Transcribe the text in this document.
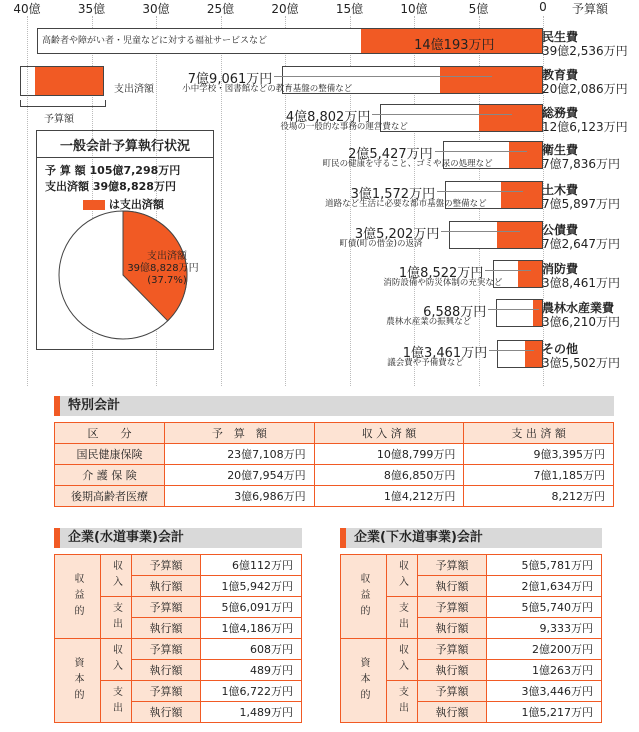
40億	35億	30億	25億	20億	15億	10億	5億	0 予算額
民生費
39億2,536万円
14億193万円
高齢者や障がい者・児童などに対する福祉サービスなど
教育費
20億2,086万円
7億9,061万円
小中学校・図書館などの教育基盤の整備など
総務費
12億6,123万円
4億8,802万円
役場の一般的な事務の運営費など
衛生費
7億7,836万円
2億5,427万円
町民の健康を守ること、ゴミや尿の処理など
土木費
7億5,897万円
3億1,572万円
道路など生活に必要な都市基盤の整備など
公債費
7億2,647万円
3億5,202万円
町債(町の借金)の返済
消防費
3億8,461万円
1億8,522万円
消防設備や防災体制の充実など
農林水産業費
3億6,210万円
6,588万円
農林水産業の振興など
その他
3億5,502万円
1億3,461万円
議会費や予備費など
支出済額
予算額
一般会計予算執行状況
予 算 額 105億7,298万円
支出済額 39億8,828万円
は支出済額
支出済額
39億8,828万円
(37.7%)
特別会計
区　　分	予　算　額	収 入 済 額	支 出 済 額
国民健康保険	23億7,108万円	10億8,799万円	9億3,395万円
介 護 保 険	20億7,954万円	8億6,850万円	7億1,185万円
後期高齢者医療	3億6,986万円	1億4,212万円	8,212万円
企業(水道事業)会計
収益的	収入	予算額	6億112万円
		執行額	1億5,942万円
	支出	予算額	5億6,091万円
		執行額	1億4,186万円
資本的	収入	予算額	608万円
		執行額	489万円
	支出	予算額	1億6,722万円
		執行額	1,489万円
企業(下水道事業)会計
収益的	収入	予算額	5億5,781万円
		執行額	2億1,634万円
	支出	予算額	5億5,740万円
		執行額	9,333万円
資本的	収入	予算額	2億200万円
		執行額	1億263万円
	支出	予算額	3億3,446万円
		執行額	1億5,217万円
